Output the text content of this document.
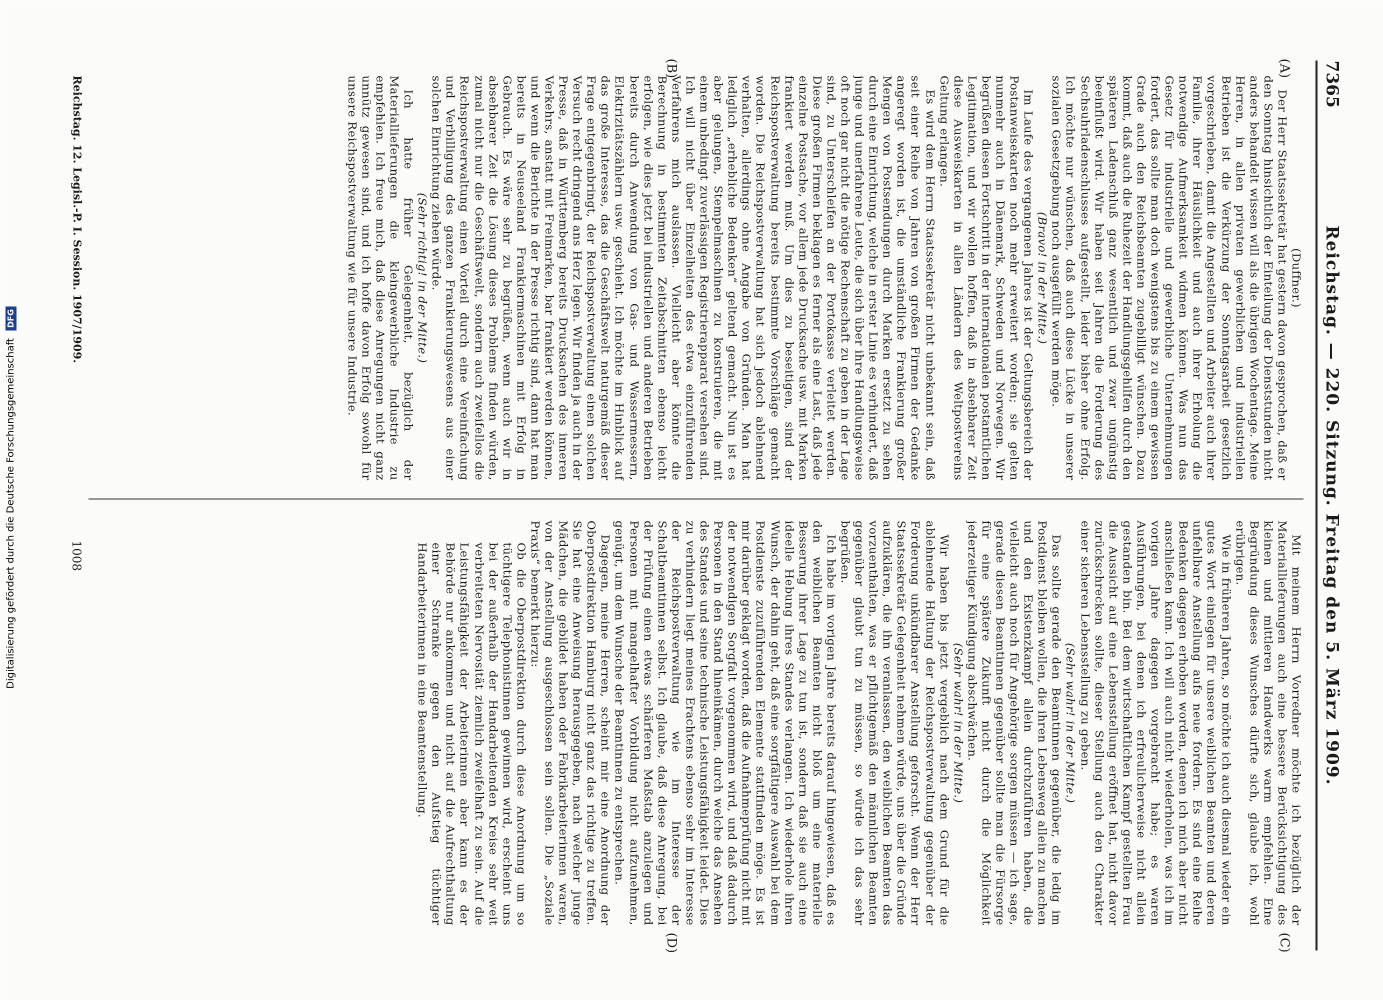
7365
Reichstag. — 220. Sitzung. Freitag den 5. März 1909.
(A)
(B)
(C)
(D)

(Duffner.)

Der Herr Staatssekretär hat gestern davon gesprochen, daß er den Sonntag hinsichtlich der Einteilung der Dienststunden nicht anders behandelt wissen will als die übrigen Wochentage. Meine Herren, in allen privaten gewerblichen und industriellen Betrieben ist die Verkürzung der Sonntagsarbeit gesetzlich vorgeschrieben, damit die Angestellten und Arbeiter auch ihrer Familie, ihrer Häuslichkeit und auch ihrer Erholung die notwendige Aufmerksamkeit widmen können. Was nun das Gesetz für industrielle und gewerbliche Unternehmungen fordert, das sollte man doch wenigstens bis zu einem gewissen Grade auch den Reichsbeamten zugebilligt wünschen. Dazu kommt, daß auch die Ruhezeit der Handlungsgehilfen durch den späteren Ladenschluß ganz wesentlich und zwar ungünstig beeinflußt wird. Wir haben seit Jahren die Forderung des Sechsuhrladenschlusses aufgestellt, leider bisher ohne Erfolg. Ich möchte nur wünschen, daß auch diese Lücke in unserer sozialen Gesetzgebung noch ausgefüllt werden möge.

(Bravo! in der Mitte.)

Im Laufe des vergangenen Jahres ist der Geltungsbereich der Postanweisekarten noch mehr erweitert worden; sie gelten nunmehr auch in Dänemark, Schweden und Norwegen. Wir begrüßen diesen Fortschritt in der internationalen postamtlichen Legitimation, und wir wollen hoffen, daß in absehbarer Zeit diese Ausweiskarten in allen Ländern des Weltpostvereins Geltung erlangen.

Es wird dem Herrn Staatssekretär nicht unbekannt sein, daß seit einer Reihe von Jahren von großen Firmen der Gedanke angeregt worden ist, die umständliche Frankierung großer Mengen von Postsendungen durch Marken ersetzt zu sehen durch eine Einrichtung, welche in erster Linie es verhindert, daß junge und unerfahrene Leute, die sich über ihre Handlungsweise oft noch gar nicht die nötige Rechenschaft zu geben in der Lage sind, zu Unterschleifen an der Portokasse verleitet werden. Diese großen Firmen beklagen es ferner als eine Last, daß jede einzelne Postsache, vor allem jede Drucksache usw. mit Marken frankiert werden muß. Um dies zu beseitigen, sind der Reichspostverwaltung bereits bestimmte Vorschläge gemacht worden. Die Reichspostverwaltung hat sich jedoch ablehnend verhalten, allerdings ohne Angabe von Gründen. Man hat lediglich „erhebliche Bedenken“ geltend gemacht. Nun ist es aber gelungen, Stempelmaschinen zu konstruieren, die mit einem unbedingt zuverlässigen Registrierapparat versehen sind. Ich will nicht über Einzelheiten des etwa einzuführenden Verfahrens mich auslassen. Vielleicht aber könnte die Berechnung in bestimmten Zeitabschnitten ebenso leicht erfolgen, wie dies jetzt bei industriellen und anderen Betrieben bereits durch Anwendung von Gas- und Wassermessern, Elektrizitätszählern usw. geschieht. Ich möchte im Hinblick auf das große Interesse, das die Geschäftswelt naturgemäß dieser Frage entgegenbringt, der Reichspostverwaltung einen solchen Versuch recht dringend ans Herz legen. Wir finden ja auch in der Presse, daß in Württemberg bereits Drucksachen des inneren Verkehrs, anstatt mit Freimarken, bar frankiert werden können, und wenn die Berichte in der Presse richtig sind, dann hat man bereits in Neuseeland Frankiermaschinen mit Erfolg in Gebrauch. Es wäre sehr zu begrüßen, wenn auch wir in absehbarer Zeit die Lösung dieses Problems finden würden, zumal nicht nur die Geschäftswelt, sondern auch zweifellos die Reichspostverwaltung einen Vorteil durch eine Vereinfachung und Verbilligung des ganzen Frankierungswesens aus einer solchen Einrichtung ziehen würde.

(Sehr richtig! in der Mitte.)

Ich hatte früher Gelegenheit, bezüglich der Materiallieferungen die kleingewerbliche Industrie zu empfehlen. Ich freue mich, daß diese Anregungen nicht ganz unnütz gewesen sind, und ich hoffe davon Erfolg sowohl für unsere Reichspostverwaltung wie für unsere Industrie.

Mit meinem Herrn Vorredner möchte ich bezüglich der Materiallieferungen auch eine bessere Berücksichtigung des kleinen und mittleren Handwerks warm empfehlen. Eine Begründung dieses Wunsches dürfte sich, glaube ich, wohl erübrigen.

Wie in früheren Jahren, so möchte ich auch diesmal wieder ein gutes Wort einlegen für unsere weiblichen Beamten und deren unfehlbare Anstellung aufs neue fordern. Es sind eine Reihe Bedenken dagegen erhoben worden, denen ich mich aber nicht anschließen kann. Ich will auch nicht wiederholen, was ich im vorigen Jahre dagegen vorgebracht habe; es waren Ausführungen, bei denen ich erfreulicherweise nicht allein gestanden bin. Bei dem wirtschaftlichen Kampf gestellten Frau die Aussicht auf eine Lebensstellung eröffnet hat, nicht davor zurückschrecken sollte, dieser Stellung auch den Charakter einer sicheren Lebensstellung zu geben.

(Sehr wahr! in der Mitte.)

Das sollte gerade den Beamtinnen gegenüber, die ledig im Postdienst bleiben wollen, die ihren Lebensweg allein zu machen und den Existenzkampf allein durchzuführen haben, die vielleicht auch noch für Angehörige sorgen müssen — ich sage, gerade diesen Beamtinnen gegenüber sollte man die Fürsorge für eine spätere Zukunft nicht durch die Möglichkeit jederzeitiger Kündigung abschwächen.

(Sehr wahr! in der Mitte.)

Wir haben bis jetzt vergeblich nach dem Grund für die ablehnende Haltung der Reichspostverwaltung gegenüber der Forderung unkündbarer Anstellung geforscht. Wenn der Herr Staatssekretär Gelegenheit nehmen würde, uns über die Gründe aufzuklären, die ihn veranlassen, den weiblichen Beamten das vorzuenthalten, was er pflichtgemäß den männlichen Beamten gegenüber glaubt tun zu müssen, so würde ich das sehr begrüßen.

Ich habe im vorigen Jahre bereits darauf hingewiesen, daß es den weiblichen Beamten nicht bloß um eine materielle Besserung ihrer Lage zu tun ist, sondern daß sie auch eine ideelle Hebung ihres Standes verlangen. Ich wiederhole ihren Wunsch, der dahin geht, daß eine sorgfältigere Auswahl bei dem Postdienste zuzuführenden Elemente stattfinden möge. Es ist mir darüber geklagt worden, daß die Aufnahmeprüfung nicht mit der notwendigen Sorgfalt vorgenommen wird, und daß dadurch Personen in den Stand hineinkämen, durch welche das Ansehen des Standes und seine technische Leistungsfähigkeit leidet. Dies zu verhindern liegt meines Erachtens ebenso sehr im Interesse der Reichspostverwaltung wie im Interesse der Schaltbeamtinnen selbst. Ich glaube, daß diese Anregung, bei der Prüfung einen etwas schärferen Maßstab anzulegen und Personen mit mangelhafter Vorbildung nicht aufzunehmen, genügt, um dem Wunsche der Beamtinnen zu entsprechen.

Dagegen, meine Herren, scheint mir eine Anordnung der Oberpostdirektion Hamburg nicht ganz das richtige zu treffen. Sie hat eine Anweisung herausgegeben, nach welcher junge Mädchen, die gebildet haben oder Fabrikarbeiterinnen waren, von der Anstellung ausgeschlossen sein sollen. Die „Soziale Praxis“ bemerkt hierzu:

Ob die Oberpostdirektion durch diese Anordnung um so tüchtigere Telephonistinnen gewinnen wird, erscheint uns bei der außerhalb der Handarbeitenden Kreise sehr weit verbreiteten Nervosität ziemlich zweifelhaft zu sein. Auf die Leistungsfähigkeit der Arbeiterinnen aber kann es der Behörde nur ankommen und nicht auf die Aufrechthaltung einer Schranke gegen den Aufstieg tüchtiger Handarbeiterinnen in eine Beamtenstellung.

Reichstag. 12. Legisl.-P. I. Session. 1907/1909.
1008
Digitalisierung gefördert durch die Deutsche Forschungsgemeinschaft DFG
